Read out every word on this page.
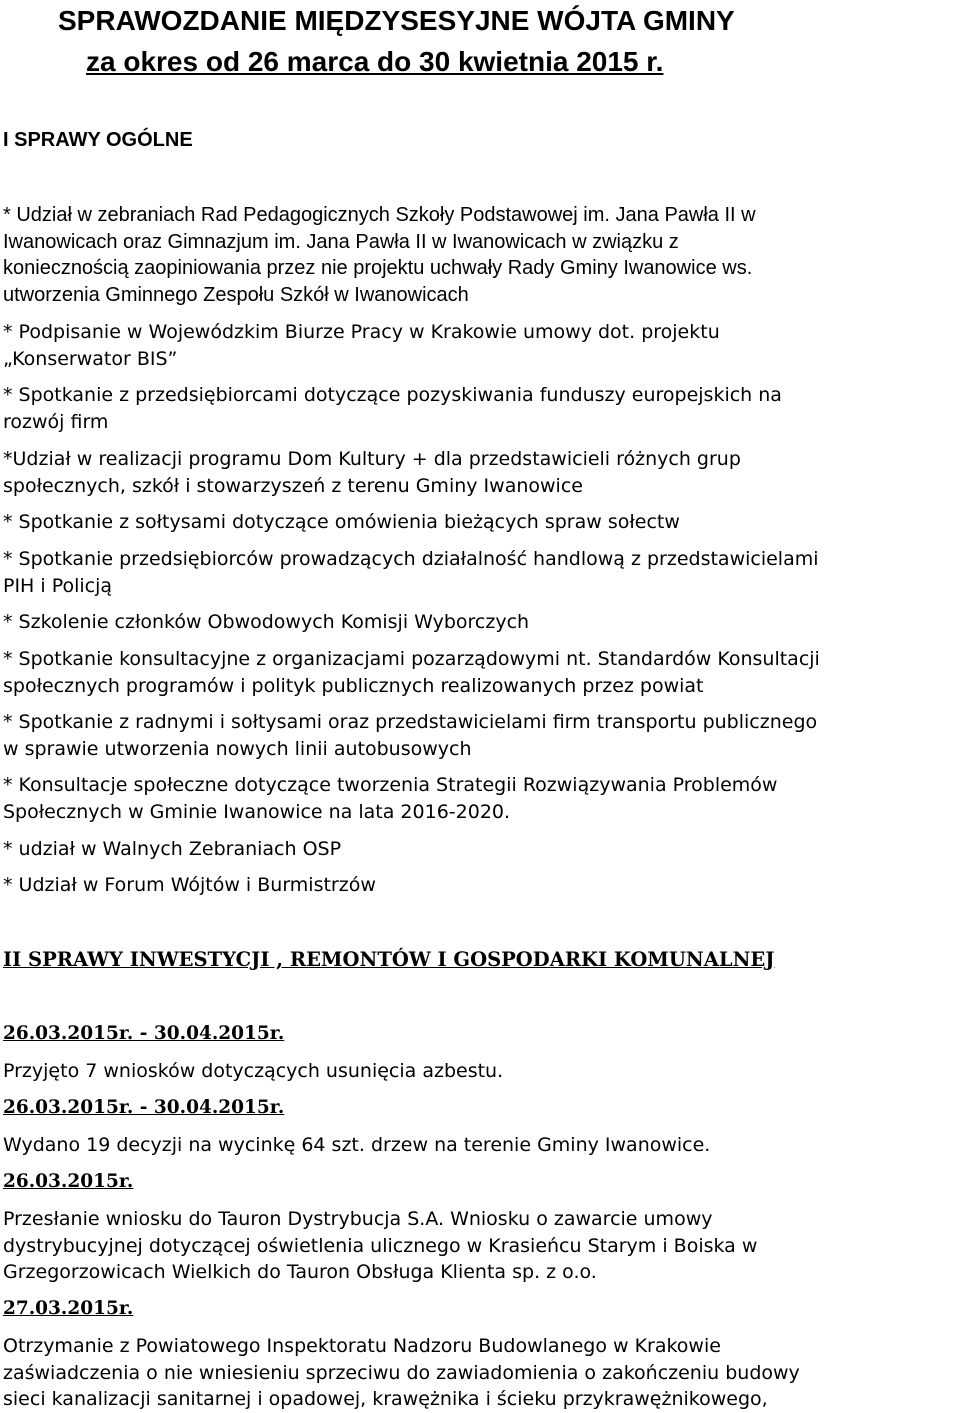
SPRAWOZDANIE MIĘDZYSESYJNE WÓJTA GMINY
za okres od 26 marca do 30 kwietnia 2015 r.
I SPRAWY OGÓLNE

* Udział w zebraniach Rad Pedagogicznych Szkoły Podstawowej im. Jana Pawła II w
Iwanowicach oraz Gimnazjum im. Jana Pawła II w Iwanowicach w związku z
koniecznością zaopiniowania przez nie projektu uchwały Rady Gminy Iwanowice ws.
utworzenia Gminnego Zespołu Szkół w Iwanowicach

* Podpisanie w Wojewódzkim Biurze Pracy w Krakowie umowy dot. projektu
„Konserwator BIS”

* Spotkanie z przedsiębiorcami dotyczące pozyskiwania funduszy europejskich na
rozwój firm

*Udział w realizacji programu Dom Kultury + dla przedstawicieli różnych grup
społecznych, szkół i stowarzyszeń z terenu Gminy Iwanowice

* Spotkanie z sołtysami dotyczące omówienia bieżących spraw sołectw

* Spotkanie przedsiębiorców prowadzących działalność handlową z przedstawicielami
PIH i Policją

* Szkolenie członków Obwodowych Komisji Wyborczych

* Spotkanie konsultacyjne z organizacjami pozarządowymi nt. Standardów Konsultacji
społecznych programów i polityk publicznych realizowanych przez powiat

* Spotkanie z radnymi i sołtysami oraz przedstawicielami firm transportu publicznego
w sprawie utworzenia nowych linii autobusowych

* Konsultacje społeczne dotyczące tworzenia Strategii Rozwiązywania Problemów
Społecznych w Gminie Iwanowice na lata 2016-2020.

* udział w Walnych Zebraniach OSP

* Udział w Forum Wójtów i Burmistrzów

II SPRAWY INWESTYCJI , REMONTÓW I GOSPODARKI KOMUNALNEJ
26.03.2015r. - 30.04.2015r.

Przyjęto 7 wniosków dotyczących usunięcia azbestu.

26.03.2015r. - 30.04.2015r.

Wydano 19 decyzji na wycinkę 64 szt. drzew na terenie Gminy Iwanowice.

26.03.2015r.

Przesłanie wniosku do Tauron Dystrybucja S.A. Wniosku o zawarcie umowy
dystrybucyjnej dotyczącej oświetlenia ulicznego w Krasieńcu Starym i Boiska w
Grzegorzowicach Wielkich do Tauron Obsługa Klienta sp. z o.o.

27.03.2015r.

Otrzymanie z Powiatowego Inspektoratu Nadzoru Budowlanego w Krakowie
zaświadczenia o nie wniesieniu sprzeciwu do zawiadomienia o zakończeniu budowy
sieci kanalizacji sanitarnej i opadowej, krawężnika i ścieku przykrawężnikowego,
